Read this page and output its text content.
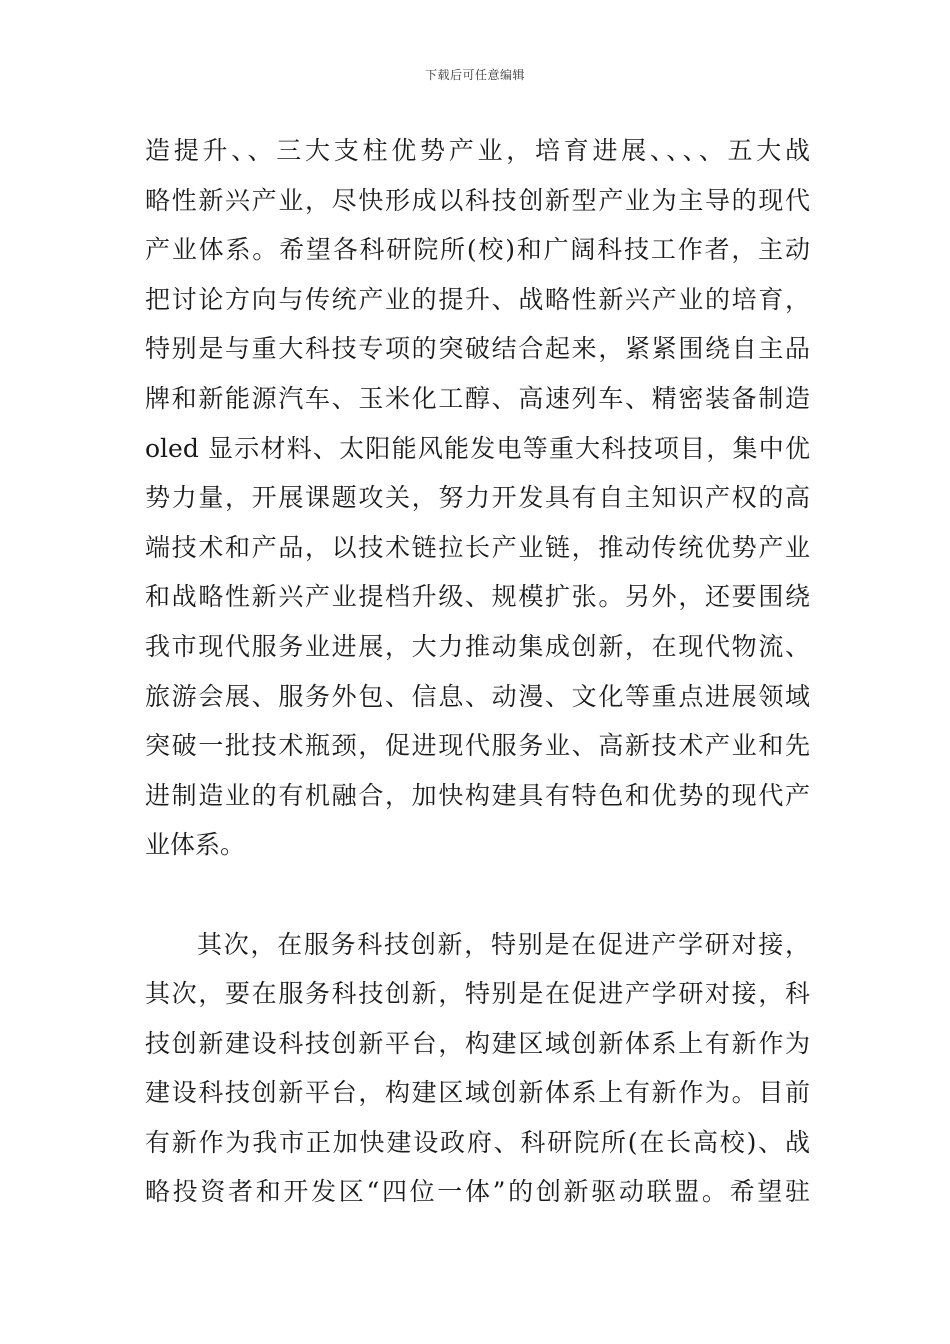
下载后可任意编辑
造提升、、三大支柱优势产业，培育进展、、、、五大战
略性新兴产业，尽快形成以科技创新型产业为主导的现代
产业体系。希望各科研院所(校)和广阔科技工作者，主动
把讨论方向与传统产业的提升、战略性新兴产业的培育，
特别是与重大科技专项的突破结合起来，紧紧围绕自主品
牌和新能源汽车、玉米化工醇、高速列车、精密装备制造
oled 显示材料、太阳能风能发电等重大科技项目，集中优
势力量，开展课题攻关，努力开发具有自主知识产权的高
端技术和产品，以技术链拉长产业链，推动传统优势产业
和战略性新兴产业提档升级、规模扩张。另外，还要围绕
我市现代服务业进展，大力推动集成创新，在现代物流、
旅游会展、服务外包、信息、动漫、文化等重点进展领域
突破一批技术瓶颈，促进现代服务业、高新技术产业和先
进制造业的有机融合，加快构建具有特色和优势的现代产
业体系。
其次，在服务科技创新，特别是在促进产学研对接，
其次，要在服务科技创新，特别是在促进产学研对接，科
技创新建设科技创新平台，构建区域创新体系上有新作为
建设科技创新平台，构建区域创新体系上有新作为。目前
有新作为我市正加快建设政府、科研院所(在长高校)、战
略投资者和开发区“四位一体”的创新驱动联盟。希望驻
